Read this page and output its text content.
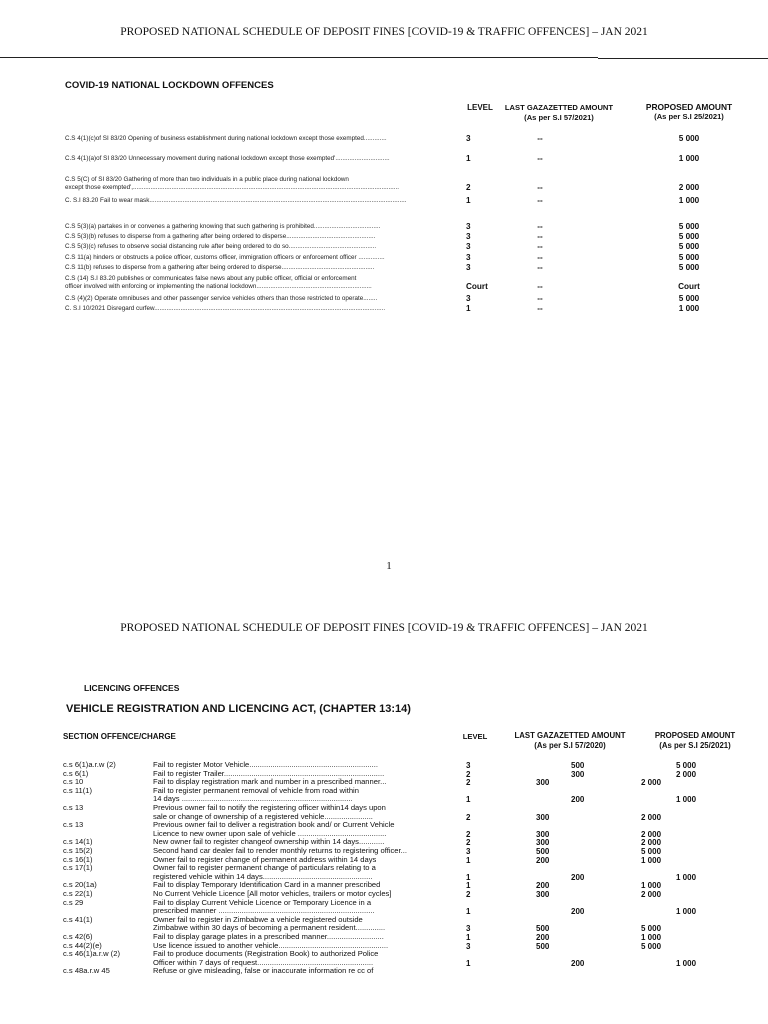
PROPOSED NATIONAL SCHEDULE OF DEPOSIT FINES [COVID-19 & TRAFFIC OFFENCES] – JAN 2021
COVID-19 NATIONAL LOCKDOWN OFFENCES
LEVEL	LAST GAZAZETTED AMOUNT
(As per S.I 57/2021)
PROPOSED AMOUNT
(As per S.I 25/2021)
C.S 4(1)(c)of SI 83/20 Opening of business establishment during national lockdown except those exempted.............	3	--	5 000
C.S 4(1)(a)of SI 83/20 Unnecessary movement during national lockdown except those exempted'...............................	1	--	1 000
C.S 5(C) of SI 83/20 Gathering of more than two individuals in a public place during national lockdown
except those exempted',........................................................................................................................................................	2	--	2 000
C. S.I 83.20 Fail to wear mask...................................................................................................................................................	1	--	1 000
C.S 5(3)(a) partakes in or convenes a gathering knowing that such gathering is prohibited......................................	3	--	5 000
C.S 5(3)(b) refuses to disperse from a gathering after being ordered to disperse...................................................	3	--	5 000
C.S 5(3)(c) refuses to observe social distancing rule after being ordered to do so..................................................	3	--	5 000
C.S 11(a) hinders or obstructs a police officer, customs officer, immigration officers or enforcement officer ...............	3	--	5 000
C.S 11(b) refuses to disperse from a gathering after being ordered to disperse.....................................................	3	--	5 000
C.S (14) S.I 83.20 publishes or communicates false news about any public officer, official or enforcement
officer involved with enforcing or implementing the national lockdown..................................................................	Court	--	Court
C.S (4)(2) Operate omnibuses and other passenger service vehicles others than those restricted to operate........	3	--	5 000
C. S.I 10/2021 Disregard curfew....................................................................................................................................	1	--	1 000
1
PROPOSED NATIONAL SCHEDULE OF DEPOSIT FINES [COVID-19 & TRAFFIC OFFENCES] – JAN 2021
LICENCING OFFENCES
VEHICLE REGISTRATION AND LICENCING ACT, (CHAPTER 13:14)
SECTION OFFENCE/CHARGE	LEVEL	LAST GAZAZETTED AMOUNT
(As per S.I 57/2020)
PROPOSED AMOUNT
(As per S.I 25/2021)
c.s 6(1)a.r.w (2)	Fail to register Motor Vehicle.............................................................	3	500	5 000
c.s 6(1)	Fail to register Trailer............................................................................	2	300	2 000
c.s 10	Fail to display registration mark and number in a prescribed manner...	2	300	2 000
c.s 11(1)	Fail to register permanent removal of vehicle from road within
14 days .................................................................................	1	200	1 000
c.s 13	Previous owner fail to notify the registering officer within14 days upon
sale or change of ownership of a registered vehicle.......................	2	300	2 000
c.s 13	Previous owner fail to deliver a registration book and/ or Current Vehicle
Licence to new owner upon sale of vehicle ..........................................	2	300	2 000
c.s 14(1)	New owner fail to register changeof ownership within 14 days............	2	300	2 000
c.s 15(2)	Second hand car dealer fail to render monthly returns to registering officer...	3	500	5 000
c.s 16(1)	Owner fail to register change of permanent address within 14 days	1	200	1 000
c.s 17(1)	Owner fail to register permanent change of particulars relating to a
registered vehicle within 14 days....................................................	1	200	1 000
c.s 20(1a)	Fail to display Temporary Identification Card in a manner prescribed	1	200	1 000
c.s 22(1)	No Current Vehicle Licence [All motor vehicles, trailers or motor cycles]	2	300	2 000
c.s 29	Fail to display Current Vehicle Licence or Temporary Licence in a
prescribed manner ..........................................................................	1	200	1 000
c.s 41(1)	Owner fail to register in Zimbabwe a vehicle registered outside
Zimbabwe within 30 days of becoming a permanent resident..............	3	500	5 000
c.s 42(6)	Fail to display garage plates in a prescribed manner...........................	1	200	1 000
c.s 44(2)(e)	Use licence issued to another vehicle....................................................	3	500	5 000
c.s 46(1)a.r.w (2)	Fail to produce documents (Registration Book) to authorized Police
Officer within 7 days of request.......................................................	1	200	1 000
c.s 48a.r.w 45	Refuse or give misleading, false or inaccurate information re cc of
